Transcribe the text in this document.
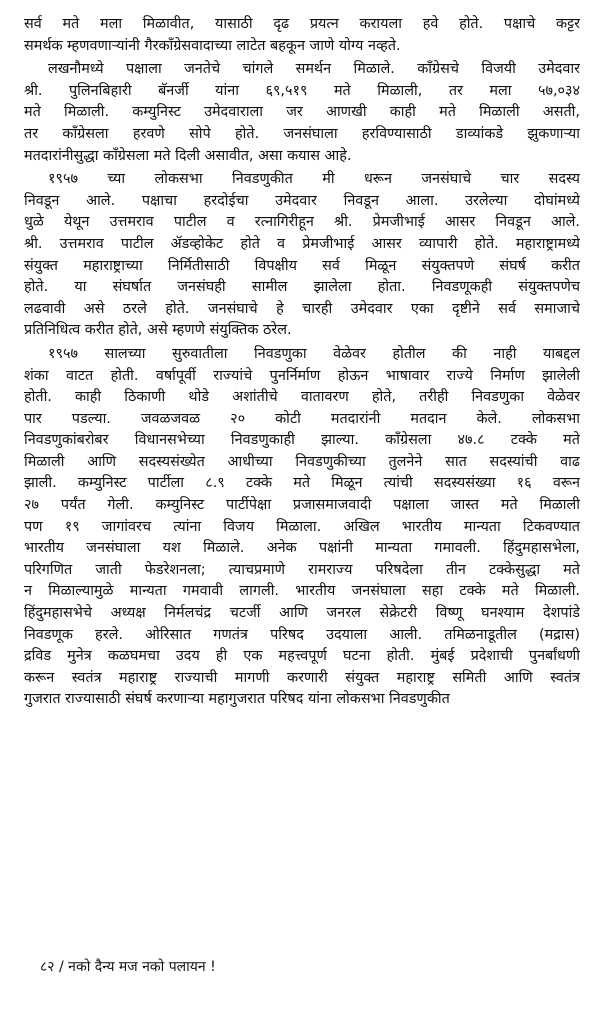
सर्व मते मला मिळावीत, यासाठी दृढ प्रयत्न करायला हवे होते. पक्षाचे कट्टर
समर्थक म्हणवणाऱ्यांनी गैरकाँग्रेसवादाच्या लाटेत बहकून जाणे योग्य नव्हते.
लखनौमध्ये पक्षाला जनतेचे चांगले समर्थन मिळाले. काँग्रेसचे विजयी उमेदवार
श्री. पुलिनबिहारी बॅनर्जी यांना ६९,५१९ मते मिळाली, तर मला ५७,०३४
मते मिळाली. कम्युनिस्ट उमेदवाराला जर आणखी काही मते मिळाली असती,
तर काँग्रेसला हरवणे सोपे होते. जनसंघाला हरविण्यासाठी डाव्यांकडे झुकणाऱ्या
मतदारांनीसुद्धा काँग्रेसला मते दिली असावीत, असा कयास आहे.
१९५७ च्या लोकसभा निवडणुकीत मी धरून जनसंघाचे चार सदस्य
निवडून आले. पक्षाचा हरदोईचा उमेदवार निवडून आला. उरलेल्या दोघांमध्ये
धुळे येथून उत्तमराव पाटील व रत्नागिरीहून श्री. प्रेमजीभाई आसर निवडून आले.
श्री. उत्तमराव पाटील ॲडव्होकेट होते व प्रेमजीभाई आसर व्यापारी होते. महाराष्ट्रामध्ये
संयुक्त महाराष्ट्राच्या निर्मितीसाठी विपक्षीय सर्व मिळून संयुक्तपणे संघर्ष करीत
होते. या संघर्षात जनसंघही सामील झालेला होता. निवडणूकही संयुक्तपणेच
लढवावी असे ठरले होते. जनसंघाचे हे चारही उमेदवार एका दृष्टीने सर्व समाजाचे
प्रतिनिधित्व करीत होते, असे म्हणणे संयुक्तिक ठरेल.
१९५७ सालच्या सुरुवातीला निवडणुका वेळेवर होतील की नाही याबद्दल
शंका वाटत होती. वर्षापूर्वी राज्यांचे पुनर्निर्माण होऊन भाषावार राज्ये निर्माण झालेली
होती. काही ठिकाणी थोडे अशांतीचे वातावरण होते, तरीही निवडणुका वेळेवर
पार पडल्या. जवळजवळ २० कोटी मतदारांनी मतदान केले. लोकसभा
निवडणुकांबरोबर विधानसभेच्या निवडणुकाही झाल्या. काँग्रेसला ४७.८ टक्के मते
मिळाली आणि सदस्यसंख्येत आधीच्या निवडणुकीच्या तुलनेने सात सदस्यांची वाढ
झाली. कम्युनिस्ट पार्टीला ८.९ टक्के मते मिळून त्यांची सदस्यसंख्या १६ वरून
२७ पर्यंत गेली. कम्युनिस्ट पार्टीपेक्षा प्रजासमाजवादी पक्षाला जास्त मते मिळाली
पण १९ जागांवरच त्यांना विजय मिळाला. अखिल भारतीय मान्यता टिकवण्यात
भारतीय जनसंघाला यश मिळाले. अनेक पक्षांनी मान्यता गमावली. हिंदुमहासभेला,
परिगणित जाती फेडरेशनला; त्याचप्रमाणे रामराज्य परिषदेला तीन टक्केसुद्धा मते
न मिळाल्यामुळे मान्यता गमवावी लागली. भारतीय जनसंघाला सहा टक्के मते मिळाली.
हिंदुमहासभेचे अध्यक्ष निर्मलचंद्र चटर्जी आणि जनरल सेक्रेटरी विष्णू घनश्याम देशपांडे
निवडणूक हरले. ओरिसात गणतंत्र परिषद उदयाला आली. तमिळनाडूतील (मद्रास)
द्रविड मुनेत्र कळघमचा उदय ही एक महत्त्वपूर्ण घटना होती. मुंबई प्रदेशाची पुनर्बांधणी
करून स्वतंत्र महाराष्ट्र राज्याची मागणी करणारी संयुक्त महाराष्ट्र समिती आणि स्वतंत्र
गुजरात राज्यासाठी संघर्ष करणाऱ्या महागुजरात परिषद यांना लोकसभा निवडणुकीत
८२ / नको दैन्य मज नको पलायन !
